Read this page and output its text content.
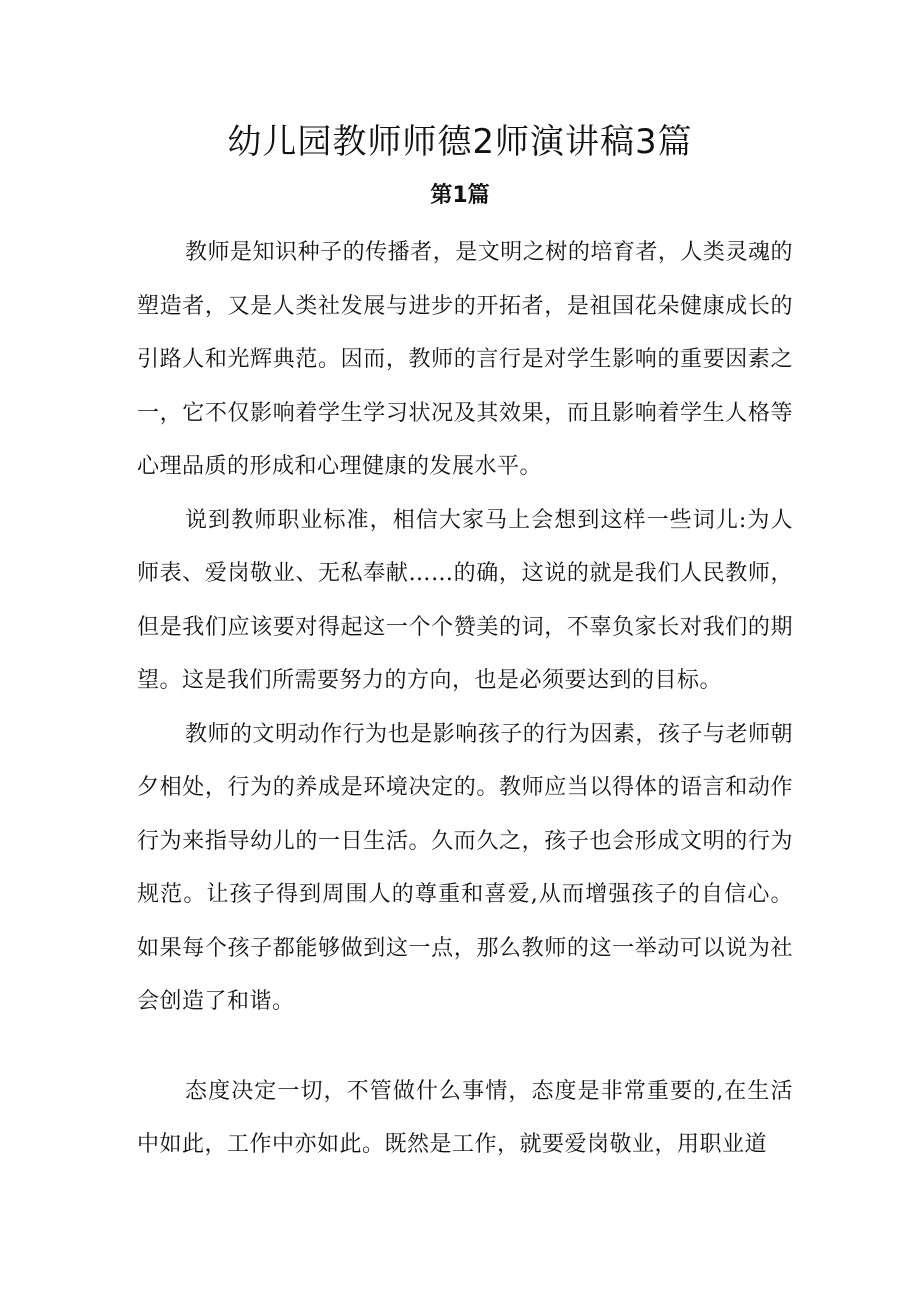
幼儿园教师师德2师演讲稿3篇
第1篇

教师是知识种子的传播者，是文明之树的培育者，人类灵魂的塑造者，又是人类社发展与进步的开拓者，是祖国花朵健康成长的引路人和光辉典范。因而，教师的言行是对学生影响的重要因素之一，它不仅影响着学生学习状况及其效果，而且影响着学生人格等心理品质的形成和心理健康的发展水平。

说到教师职业标准，相信大家马上会想到这样一些词儿:为人师表、爱岗敬业、无私奉献……的确，这说的就是我们人民教师，但是我们应该要对得起这一个个赞美的词，不辜负家长对我们的期望。这是我们所需要努力的方向，也是必须要达到的目标。

教师的文明动作行为也是影响孩子的行为因素，孩子与老师朝夕相处，行为的养成是环境决定的。教师应当以得体的语言和动作行为来指导幼儿的一日生活。久而久之，孩子也会形成文明的行为规范。让孩子得到周围人的尊重和喜爱,从而增强孩子的自信心。如果每个孩子都能够做到这一点，那么教师的这一举动可以说为社会创造了和谐。

态度决定一切，不管做什么事情，态度是非常重要的,在生活中如此，工作中亦如此。既然是工作，就要爱岗敬业，用职业道
